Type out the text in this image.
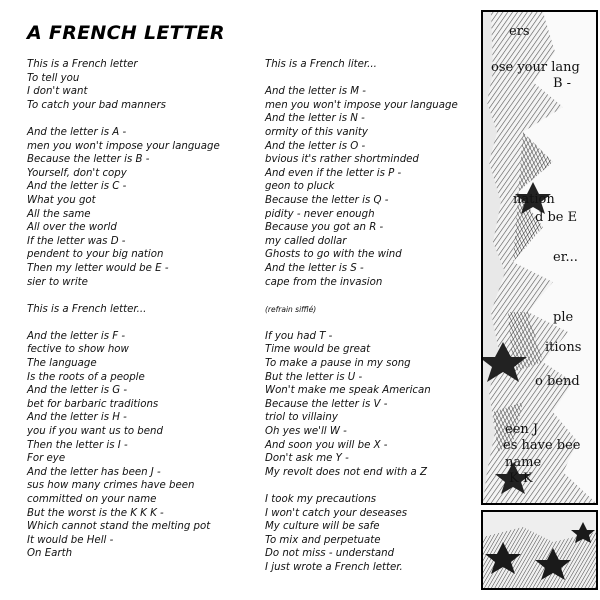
A FRENCH LETTER
This is a French letter
To tell you
I don't want
To catch your bad manners
And the letter is A -
men you won't impose your language
Because the letter is B -
Yourself, don't copy
And the letter is C -
What you got
All the same
All over the world
If the letter was D -
pendent to your big nation
Then my letter would be E -
sier to write
This is a French letter...
And the letter is F -
fective to show how
The language
Is the roots of a people
And the letter is G -
bet for barbaric traditions
And the letter is H -
you if you want us to bend
Then the letter is I -
For eye
And the letter has been J -
sus how many crimes have been
committed on your name
But the worst is the K K K -
Which cannot stand the melting pot
It would be Hell -
On Earth
This is a French liter...
And the letter is M -
men you won't impose your language
And the letter is N -
ormity of this vanity
And the letter is O -
bvious it's rather shortminded
And even if the letter is P -
geon to pluck
Because the letter is Q -
pidity - never enough
Because you got an R -
my called dollar
Ghosts to go with the wind
And the letter is S -
cape from the invasion
(refrain sifflé)
If you had T -
Time would be great
To make a pause in my song
But the letter is U -
Won't make me speak American
Because the letter is V -
triol to villainy
Oh yes we'll W -
And soon you will be X -
Don't ask me Y -
My revolt does not end with a Z
I took my precautions
I won't catch your deseases
My culture will be safe
To mix and perpetuate
Do not miss - understand
I just wrote a French letter.
ers
ose your lang
B -
nation
d be E
er...
ple
itions
o bend
een J
es have bee
name
K K
